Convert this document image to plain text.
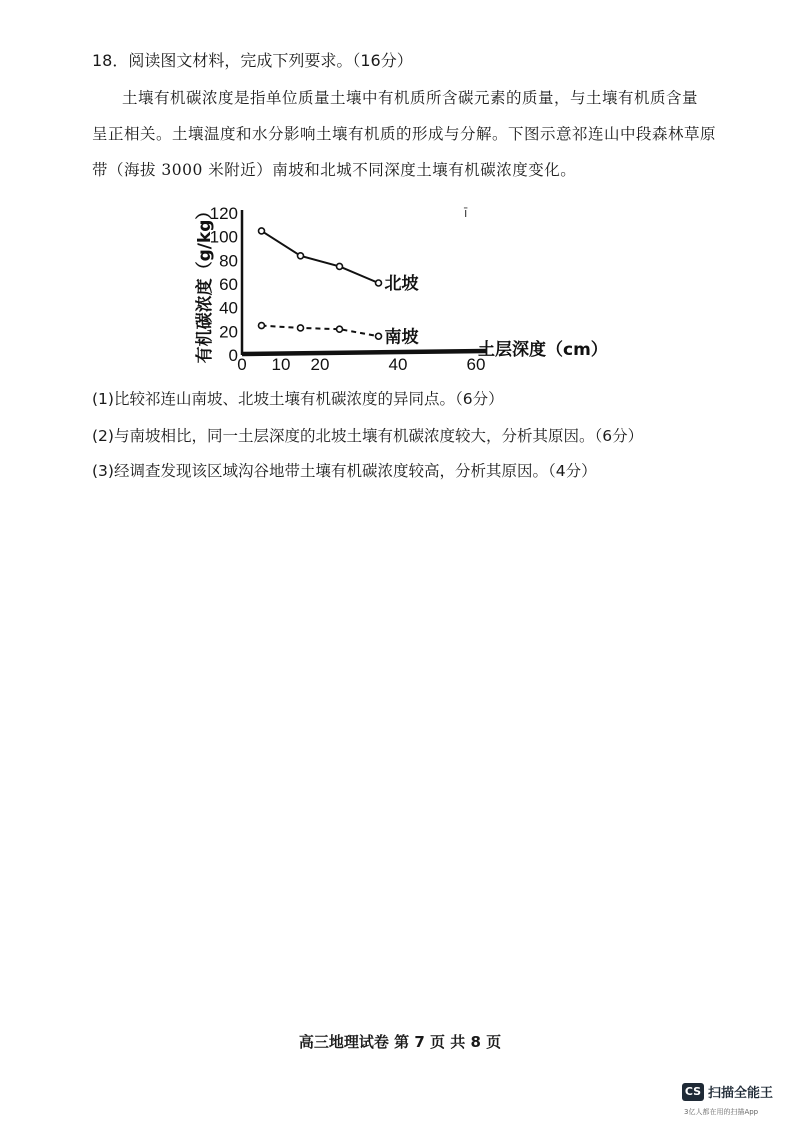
18．阅读图文材料，完成下列要求。（16分）
土壤有机碳浓度是指单位质量土壤中有机质所含碳元素的质量，与土壤有机质含量
呈正相关。土壤温度和水分影响土壤有机质的形成与分解。下图示意祁连山中段森林草原
带（海拔 3000 米附近）南坡和北城不同深度土壤有机碳浓度变化。
ī
0
20
40
60
80
100
120
0 10 20	40	60
有机碳浓度（g/kg）	土层深度（cm）
北坡
南坡
(1)比较祁连山南坡、北坡土壤有机碳浓度的异同点。（6分）
(2)与南坡相比，同一土层深度的北坡土壤有机碳浓度较大，分析其原因。（6分）
(3)经调查发现该区域沟谷地带土壤有机碳浓度较高，分析其原因。（4分）
高三地理试卷 第 7 页 共 8 页
CS 扫描全能王
3亿人都在用的扫描App
